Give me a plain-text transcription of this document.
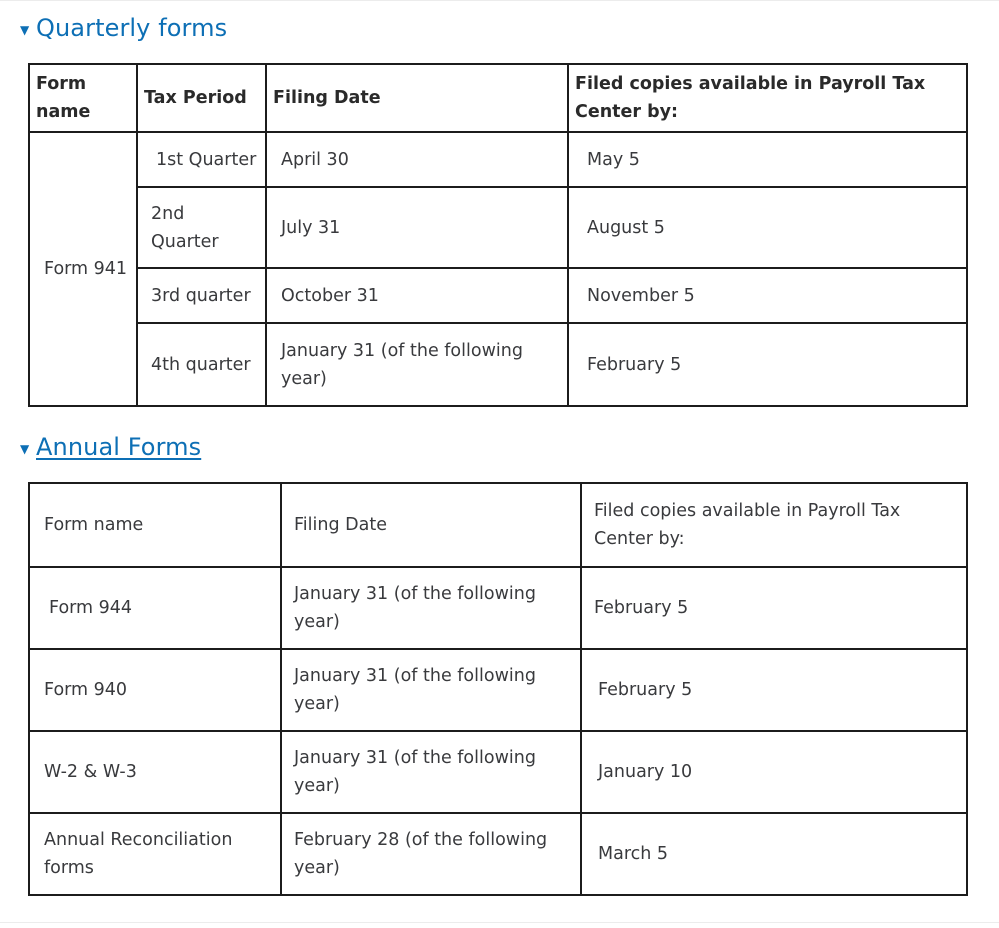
▼ Quarterly forms
Form name	Tax Period	Filing Date	Filed copies available in Payroll Tax Center by:
Form 941	1st Quarter	April 30	May 5
	2nd Quarter	July 31	August 5
	3rd quarter	October 31	November 5
	4th quarter	January 31 (of the following year)	February 5
▼ Annual Forms
Form name	Filing Date	Filed copies available in Payroll Tax Center by:
Form 944	January 31 (of the following year)	February 5
Form 940	January 31 (of the following year)	February 5
W-2 & W-3	January 31 (of the following year)	January 10
Annual Reconciliation forms	February 28 (of the following year)	March 5
